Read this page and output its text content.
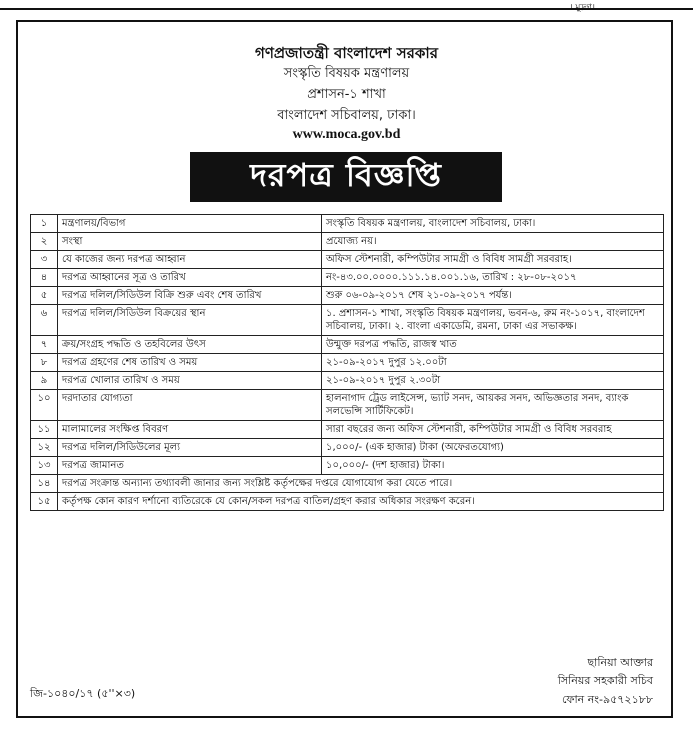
। মুদ্রণ।
গণপ্রজাতন্ত্রী বাংলাদেশ সরকার
সংস্কৃতি বিষয়ক মন্ত্রণালয়
প্রশাসন-১ শাখা
বাংলাদেশ সচিবালয়, ঢাকা।
www.moca.gov.bd
দরপত্র বিজ্ঞপ্তি
১	মন্ত্রণালয়/বিভাগ	সংস্কৃতি বিষয়ক মন্ত্রণালয়, বাংলাদেশ সচিবালয়, ঢাকা।
২	সংস্থা	প্রযোজ্য নয়।
৩	যে কাজের জন্য দরপত্র আহ্বান	অফিস স্টেশনারী, কম্পিউটার সামগ্রী ও বিবিধ সামগ্রী সরবরাহ।
৪	দরপত্র আহ্বানের সূত্র ও তারিখ	নং-৪৩.০০.০০০০.১১১.১৪.০০১.১৬, তারিখ : ২৮-০৮-২০১৭
৫	দরপত্র দলিল/সিডিউল বিক্রি শুরু এবং শেষ তারিখ	শুরু ০৬-০৯-২০১৭ শেষ ২১-০৯-২০১৭ পর্যন্ত।
৬	দরপত্র দলিল/সিডিউল বিক্রয়ের স্থান	১. প্রশাসন-১ শাখা, সংস্কৃতি বিষয়ক মন্ত্রণালয়, ভবন-৬, রুম নং-১০১৭, বাংলাদেশ সচিবালয়, ঢাকা। ২. বাংলা একাডেমি, রমনা, ঢাকা এর সভাকক্ষ।
৭	ক্রয়/সংগ্রহ পদ্ধতি ও তহবিলের উৎস	উন্মুক্ত দরপত্র পদ্ধতি, রাজস্ব খাত
৮	দরপত্র গ্রহণের শেষ তারিখ ও সময়	২১-০৯-২০১৭ দুপুর ১২.০০টা
৯	দরপত্র খোলার তারিখ ও সময়	২১-০৯-২০১৭ দুপুর ২.৩০টা
১০	দরদাতার যোগ্যতা	হালনাগাদ ট্রেড লাইসেন্স, ভ্যাট সনদ, আয়কর সনদ, অভিজ্ঞতার সনদ, ব্যাংক সলভেন্সি সার্টিফিকেট।
১১	মালামালের সংক্ষিপ্ত বিবরণ	সারা বছরের জন্য অফিস স্টেশনারী, কম্পিউটার সামগ্রী ও বিবিধ সরবরাহ
১২	দরপত্র দলিল/সিডিউলের মূল্য	১,০০০/- (এক হাজার) টাকা (অফেরতযোগ্য)
১৩	দরপত্র জামানত	১০,০০০/- (দশ হাজার) টাকা।
১৪	দরপত্র সংক্রান্ত অন্যান্য তথ্যাবলী জানার জন্য সংশ্লিষ্ট কর্তৃপক্ষের দপ্তরে যোগাযোগ করা যেতে পারে।	
১৫	কর্তৃপক্ষ কোন কারণ দর্শানো ব্যতিরেকে যে কোন/সকল দরপত্র বাতিল/গ্রহণ করার অধিকার সংরক্ষণ করেন।	
ছানিয়া আক্তার
সিনিয়র সহকারী সচিব
ফোন নং-৯৫৭২১৮৮
জি-১০৪০/১৭ (৫''×৩)
